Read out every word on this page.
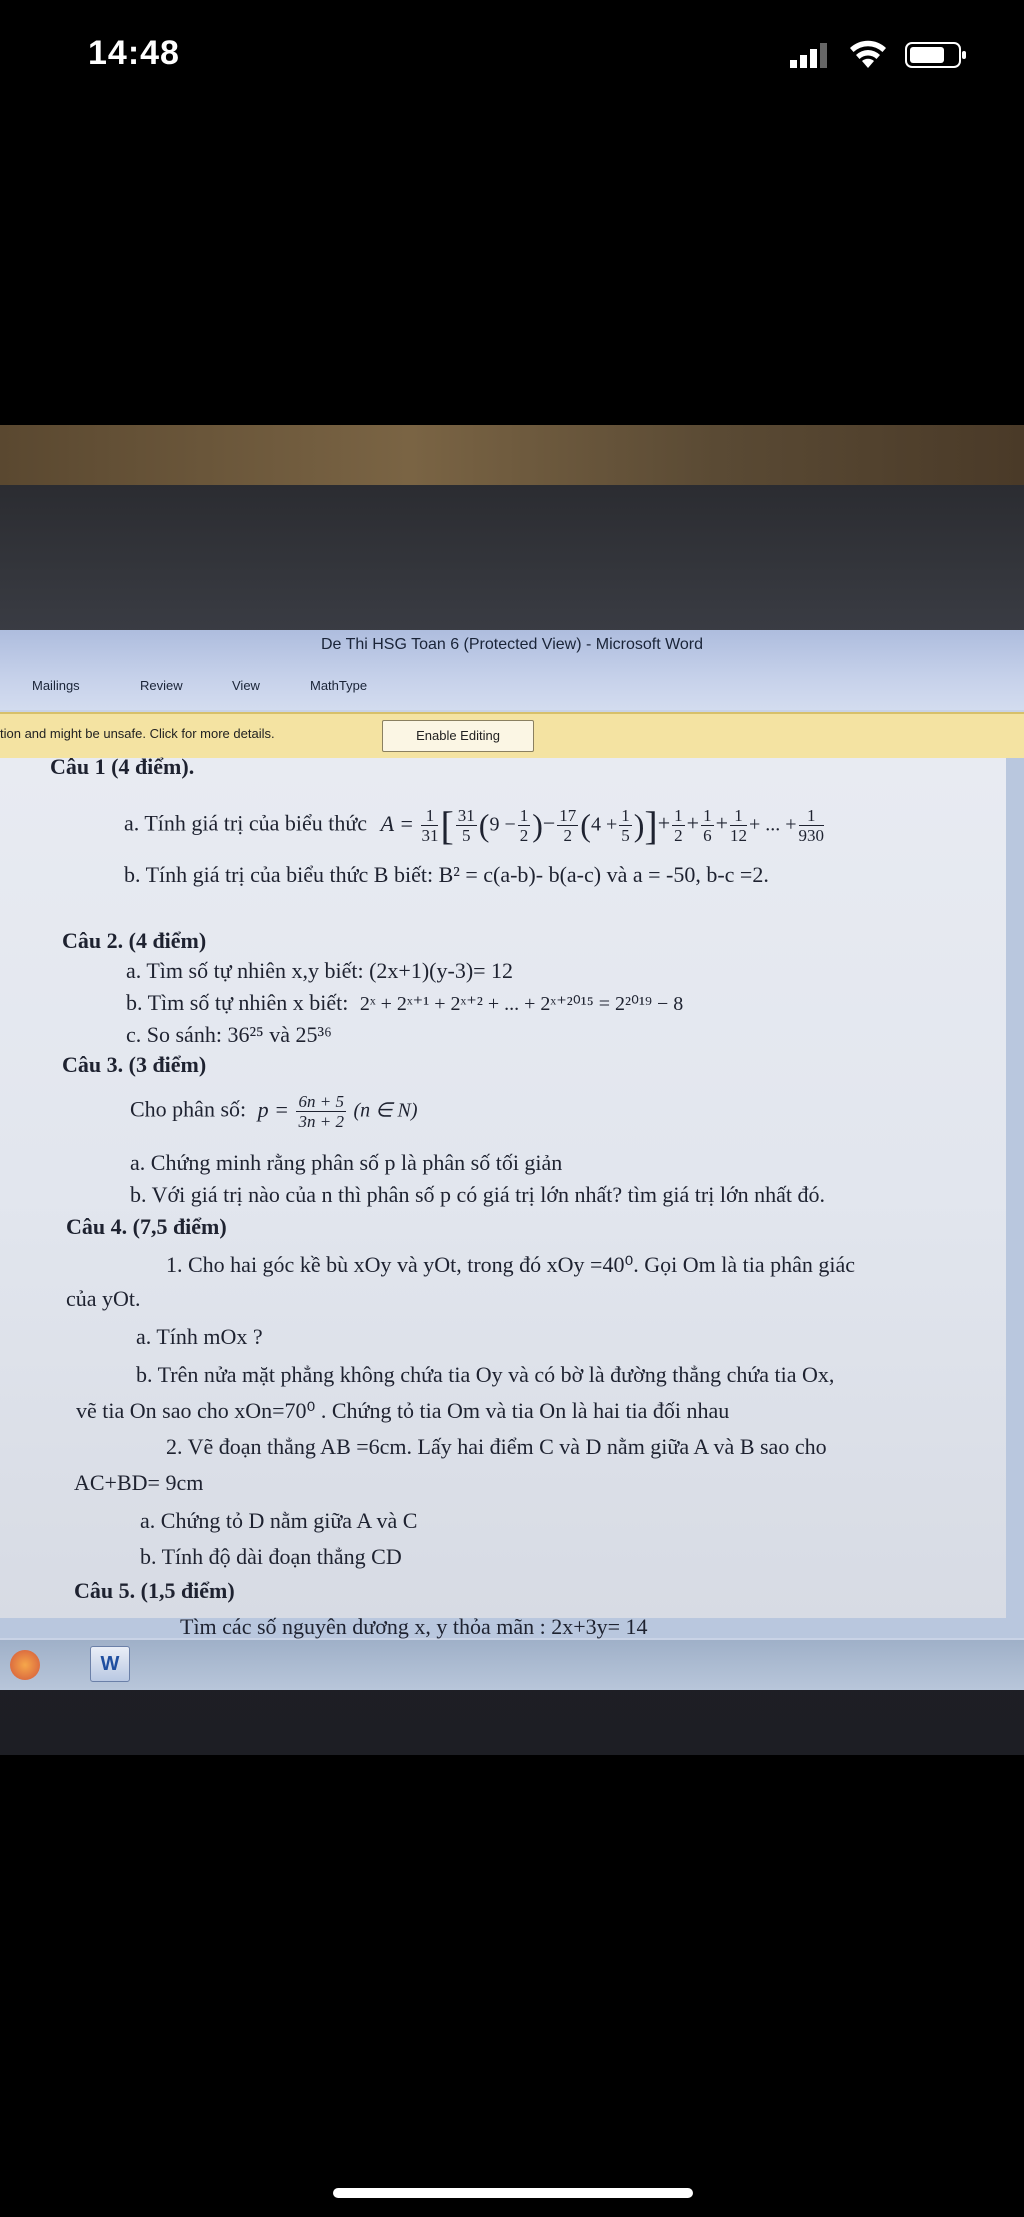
14:48
De Thi HSG Toan 6 (Protected View) - Microsoft Word
Mailings	Review	View	MathType
tion and might be unsafe. Click for more details.	Enable Editing
Câu 1 (4 điểm).
a. Tính giá trị của biểu thức $A = \frac{1}{31}$ [ $\frac{31}{5} (9 - \frac{1}{2}$ )− $\frac{17}{2} (4 + \frac{1}{5}$ )]+ $\frac{1}{2} + \frac{1}{6} + \frac{1}{12}$ + ... + $\frac{1}{930}$
b. Tính giá trị của biểu thức B biết: B² = c(a-b)- b(a-c) và a = -50, b-c =2.
Câu 2. (4 điểm)
a. Tìm số tự nhiên x,y biết: (2x+1)(y-3)= 12
b. Tìm số tự nhiên x biết: 2ˣ + 2ˣ⁺¹ + 2ˣ⁺² + ... + 2ˣ⁺²⁰¹⁵ = 2²⁰¹⁹ − 8
c. So sánh: 36²⁵ và 25³⁶
Câu 3. (3 điểm)
Cho phân số: $p = \frac{6n + 5}{3n + 2} (n$ ∈ N)
a. Chứng minh rằng phân số p là phân số tối giản
b. Với giá trị nào của n thì phân số p có giá trị lớn nhất? tìm giá trị lớn nhất đó.
Câu 4. (7,5 điểm)
1. Cho hai góc kề bù xOy và yOt, trong đó xOy =40⁰. Gọi Om là tia phân giác
của yOt.
a. Tính mOx ?
b. Trên nửa mặt phẳng không chứa tia Oy và có bờ là đường thẳng chứa tia Ox,
vẽ tia On sao cho xOn=70⁰ . Chứng tỏ tia Om và tia On là hai tia đối nhau
2. Vẽ đoạn thẳng AB =6cm. Lấy hai điểm C và D nằm giữa A và B sao cho
AC+BD= 9cm
a. Chứng tỏ D nằm giữa A và C
b. Tính độ dài đoạn thẳng CD
Câu 5. (1,5 điểm)
Tìm các số nguyên dương x, y thỏa mãn : 2x+3y= 14
W
